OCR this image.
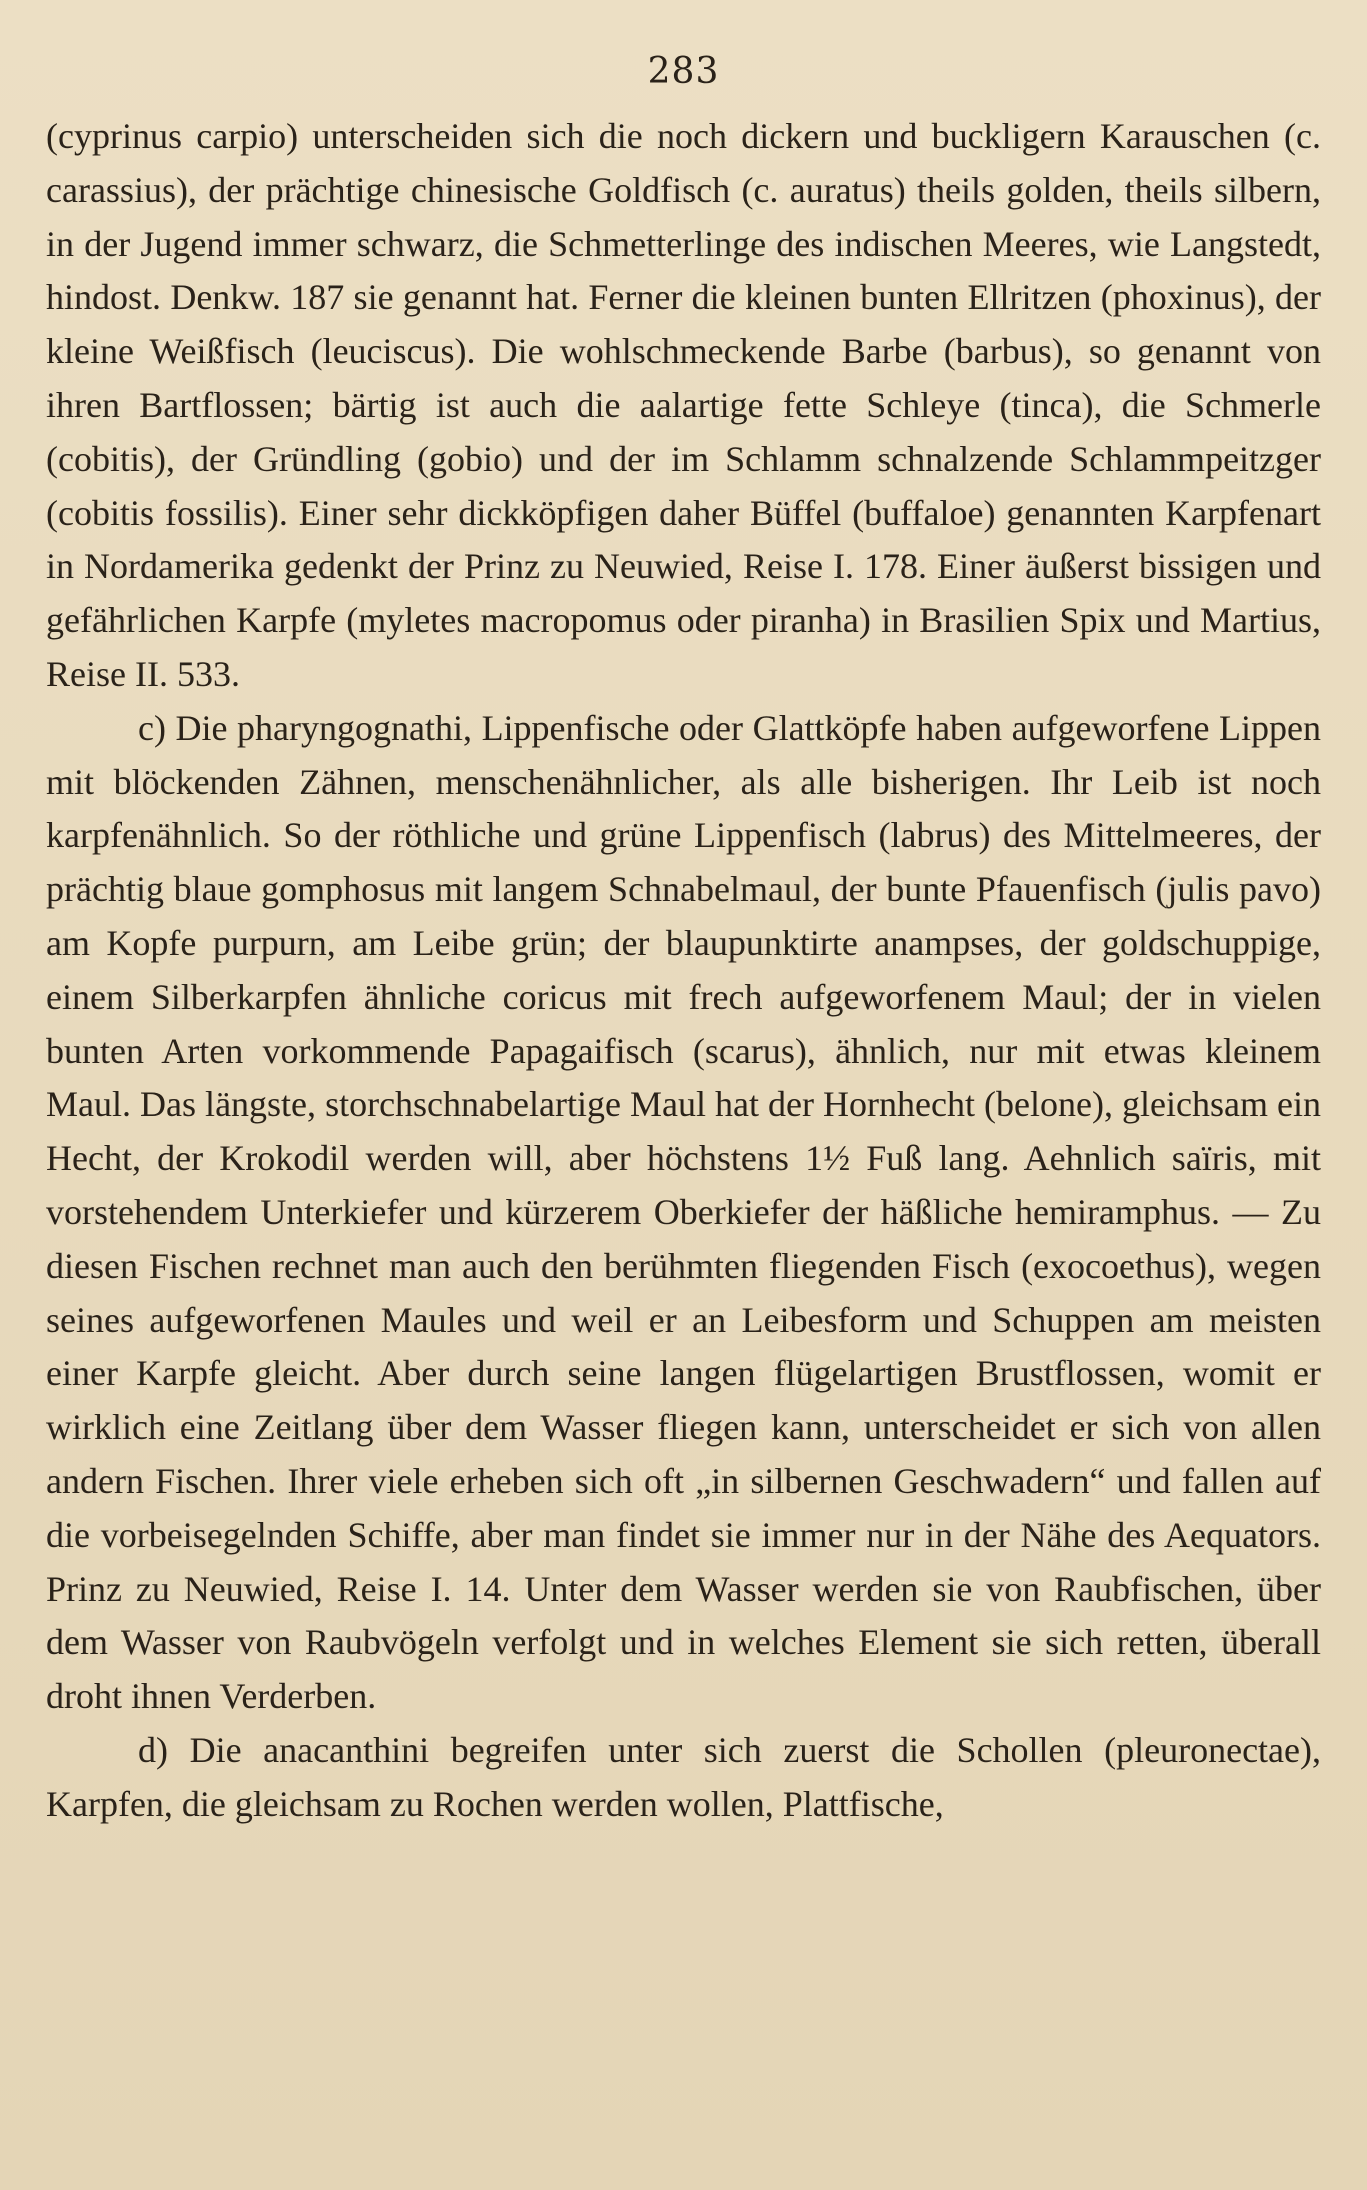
283

(cyprinus carpio) unterscheiden sich die noch dickern und buckligern Karauschen (c. carassius), der prächtige chinesische Goldfisch (c. auratus) theils golden, theils silbern, in der Jugend immer schwarz, die Schmetterlinge des indischen Meeres, wie Langstedt, hindost. Denkw. 187 sie genannt hat. Ferner die kleinen bunten Ellritzen (phoxinus), der kleine Weißfisch (leuciscus). Die wohlschmeckende Barbe (barbus), so genannt von ihren Bartflossen; bärtig ist auch die aalartige fette Schleye (tinca), die Schmerle (cobitis), der Gründling (gobio) und der im Schlamm schnalzende Schlammpeitzger (cobitis fossilis). Einer sehr dickköpfigen daher Büffel (buffaloe) genannten Karpfenart in Nordamerika gedenkt der Prinz zu Neuwied, Reise I. 178. Einer äußerst bissigen und gefährlichen Karpfe (myletes macropomus oder piranha) in Brasilien Spix und Martius, Reise II. 533.

c) Die pharyngognathi, Lippenfische oder Glattköpfe haben aufgeworfene Lippen mit blöckenden Zähnen, menschenähnlicher, als alle bisherigen. Ihr Leib ist noch karpfenähnlich. So der röthliche und grüne Lippenfisch (labrus) des Mittelmeeres, der prächtig blaue gomphosus mit langem Schnabelmaul, der bunte Pfauenfisch (julis pavo) am Kopfe purpurn, am Leibe grün; der blaupunktirte anampses, der goldschuppige, einem Silberkarpfen ähnliche coricus mit frech aufgeworfenem Maul; der in vielen bunten Arten vorkommende Papagaifisch (scarus), ähnlich, nur mit etwas kleinem Maul. Das längste, storchschnabelartige Maul hat der Hornhecht (belone), gleichsam ein Hecht, der Krokodil werden will, aber höchstens 1½ Fuß lang. Aehnlich saïris, mit vorstehendem Unterkiefer und kürzerem Oberkiefer der häßliche hemiramphus. — Zu diesen Fischen rechnet man auch den berühmten fliegenden Fisch (exocoethus), wegen seines aufgeworfenen Maules und weil er an Leibesform und Schuppen am meisten einer Karpfe gleicht. Aber durch seine langen flügelartigen Brustflossen, womit er wirklich eine Zeitlang über dem Wasser fliegen kann, unterscheidet er sich von allen andern Fischen. Ihrer viele erheben sich oft „in silbernen Geschwadern“ und fallen auf die vorbeisegelnden Schiffe, aber man findet sie immer nur in der Nähe des Aequators. Prinz zu Neuwied, Reise I. 14. Unter dem Wasser werden sie von Raubfischen, über dem Wasser von Raubvögeln verfolgt und in welches Element sie sich retten, überall droht ihnen Verderben.

d) Die anacanthini begreifen unter sich zuerst die Schollen (pleuronectae), Karpfen, die gleichsam zu Rochen werden wollen, Plattfische,
